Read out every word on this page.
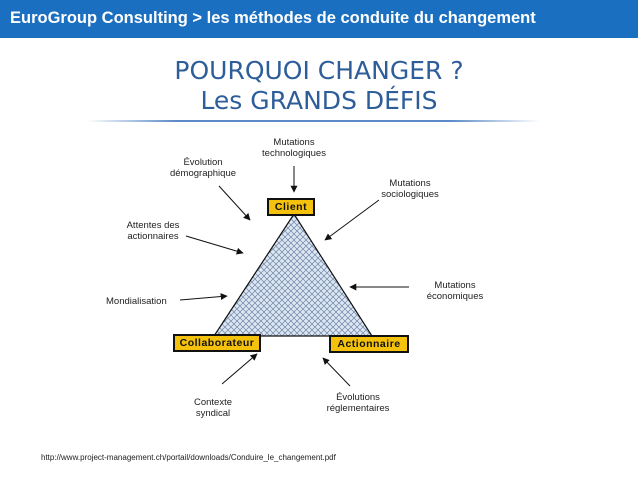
EuroGroup Consulting > les méthodes de conduite du changement
POURQUOI CHANGER ?
Les GRANDS DÉFIS
Client
Collaborateur	Actionnaire
Mutations
technologiques
Évolution
démographique
Mutations
sociologiques
Attentes des
actionnaires
Mondialisation
Mutations
économiques
Contexte
syndical
Évolutions
réglementaires
http://www.project-management.ch/portail/downloads/Conduire_le_changement.pdf
